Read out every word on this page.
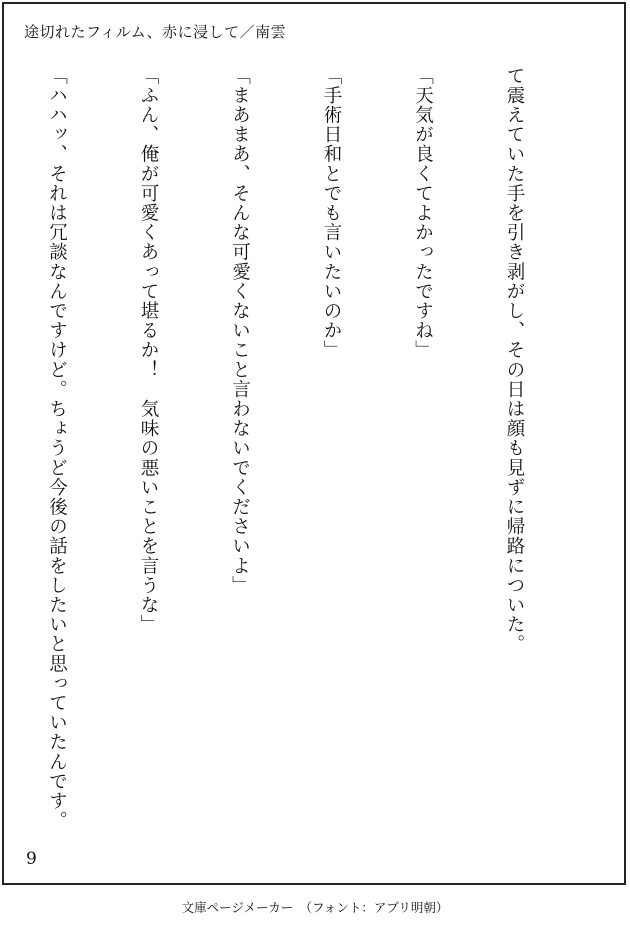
途切れたフィルム、赤に浸して／南雲

て震えていた手を引き剥がし、その日は顔も見ずに帰路についた。

「天気が良くてよかったですね」

「手術日和とでも言いたいのか」

「まあまあ、そんな可愛くないこと言わないでくださいよ」

「ふん、俺が可愛くあって堪るか！　気味の悪いことを言うな」

「ハハッ、それは冗談なんですけど。ちょうど今後の話をしたいと思っていたんです。

9
文庫ページメーカー　（フォント：アプリ明朝）
